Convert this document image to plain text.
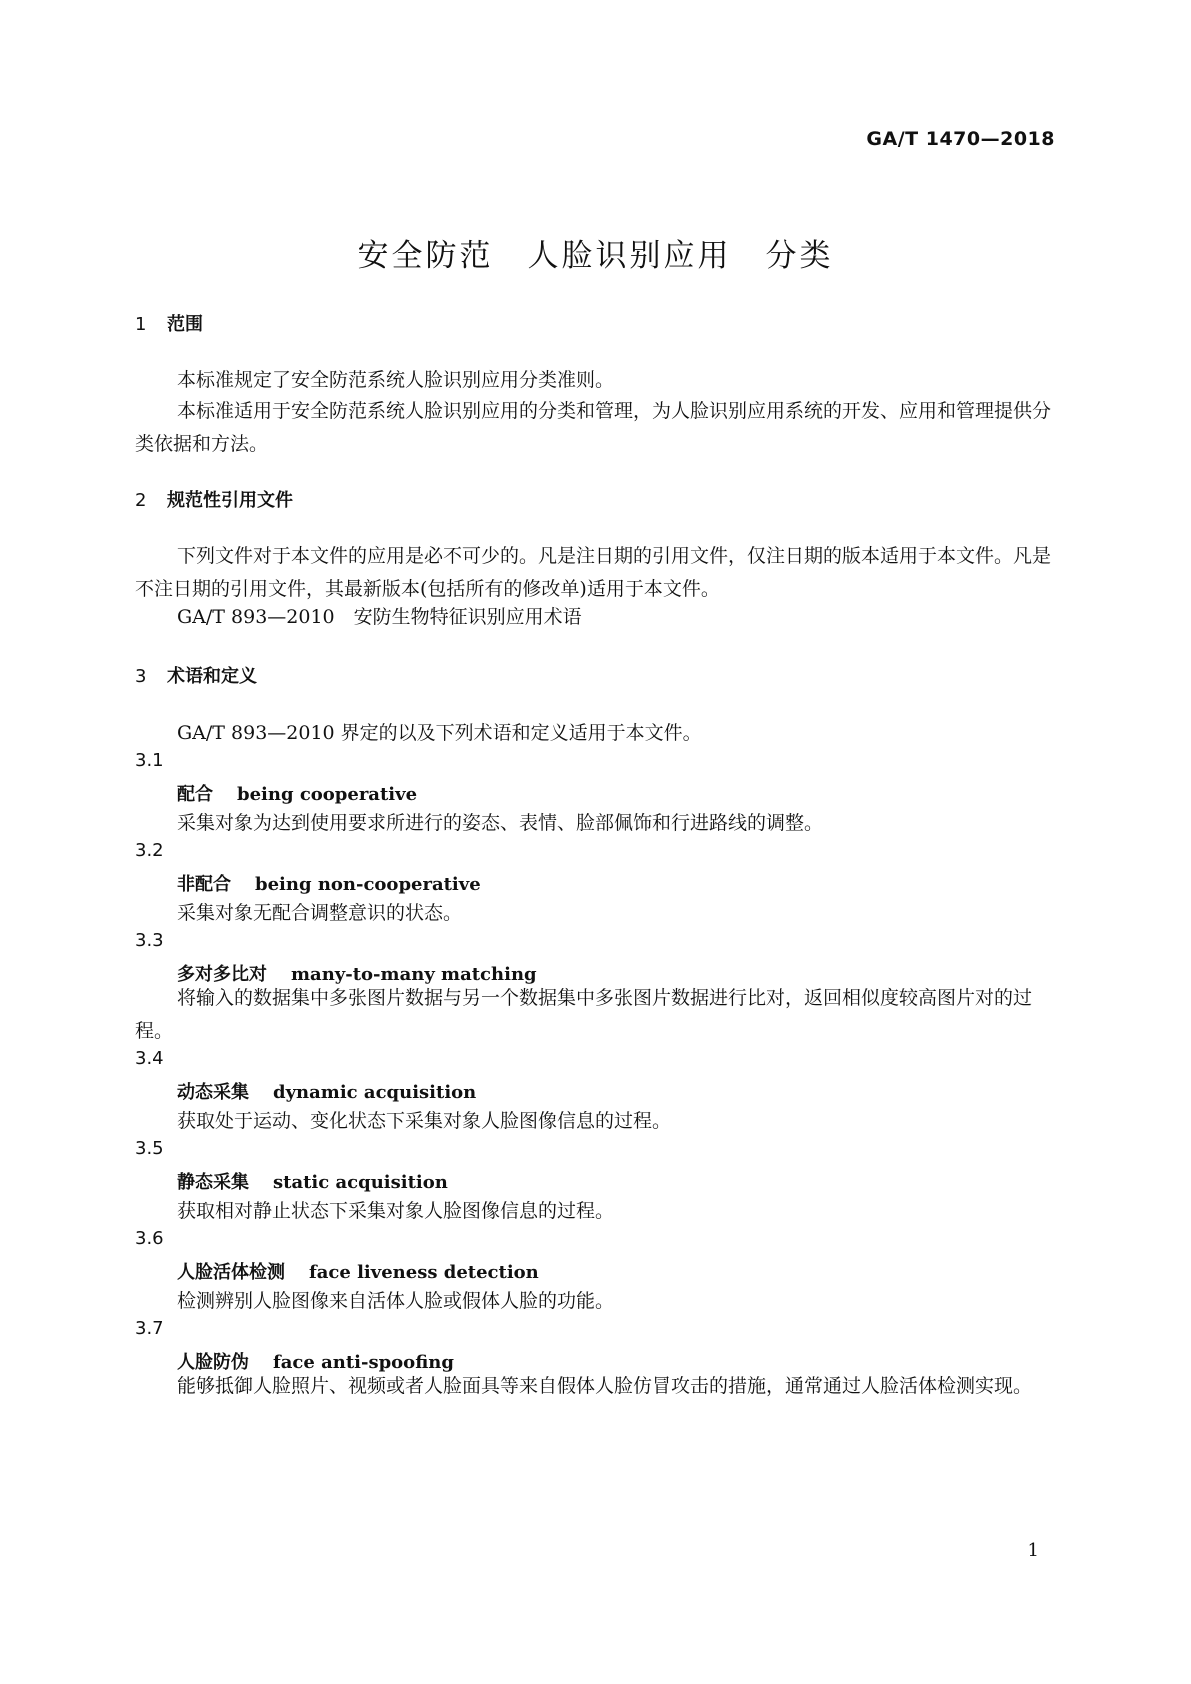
GA/T 1470—2018
安全防范　人脸识别应用　分类
1 范围
本标准规定了安全防范系统人脸识别应用分类准则。
本标准适用于安全防范系统人脸识别应用的分类和管理，为人脸识别应用系统的开发、应用和管理提供分类依据和方法。
2 规范性引用文件
下列文件对于本文件的应用是必不可少的。凡是注日期的引用文件，仅注日期的版本适用于本文件。凡是不注日期的引用文件，其最新版本(包括所有的修改单)适用于本文件。
GA/T 893—2010　安防生物特征识别应用术语
3 术语和定义
GA/T 893—2010 界定的以及下列术语和定义适用于本文件。
3.1
配合 being cooperative
采集对象为达到使用要求所进行的姿态、表情、脸部佩饰和行进路线的调整。
3.2
非配合 being non-cooperative
采集对象无配合调整意识的状态。
3.3
多对多比对 many-to-many matching
将输入的数据集中多张图片数据与另一个数据集中多张图片数据进行比对，返回相似度较高图片对的过程。
3.4
动态采集 dynamic acquisition
获取处于运动、变化状态下采集对象人脸图像信息的过程。
3.5
静态采集 static acquisition
获取相对静止状态下采集对象人脸图像信息的过程。
3.6
人脸活体检测 face liveness detection
检测辨别人脸图像来自活体人脸或假体人脸的功能。
3.7
人脸防伪 face anti-spoofing
能够抵御人脸照片、视频或者人脸面具等来自假体人脸仿冒攻击的措施，通常通过人脸活体检测实现。
1
